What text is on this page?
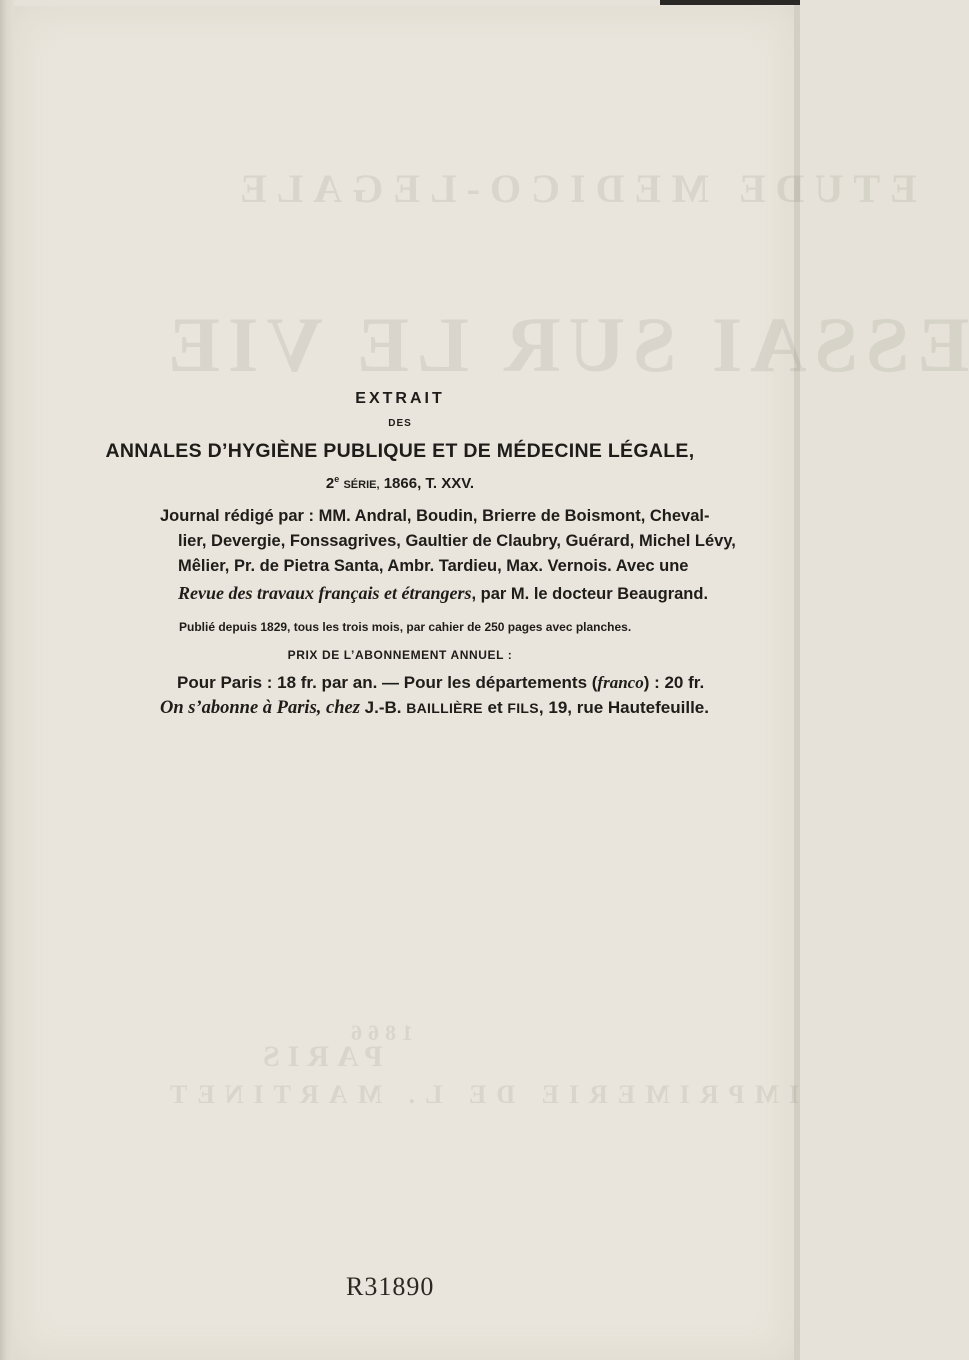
ETUDE MEDICO-LEGALE
ESSAI SUR LE VIE
PARIS
IMPRIMERIE DE L. MARTINET
1866

EXTRAIT

DES

ANNALES D’HYGIÈNE PUBLIQUE ET DE MÉDECINE LÉGALE,

2e SÉRIE, 1866, T. XXV.

Journal rédigé par : MM. Andral, Boudin, Brierre de Boismont, Cheval-

lier, Devergie, Fonssagrives, Gaultier de Claubry, Guérard, Michel Lévy,

Mêlier, Pr. de Pietra Santa, Ambr. Tardieu, Max. Vernois. Avec une

Revue des travaux français et étrangers, par M. le docteur Beaugrand.

Publié depuis 1829, tous les trois mois, par cahier de 250 pages avec planches.

PRIX DE L’ABONNEMENT ANNUEL :

Pour Paris : 18 fr. par an. — Pour les départements (franco) : 20 fr.

On s’abonne à Paris, chez J.-B. BAILLIÈRE et FILS, 19, rue Hautefeuille.

R31890
